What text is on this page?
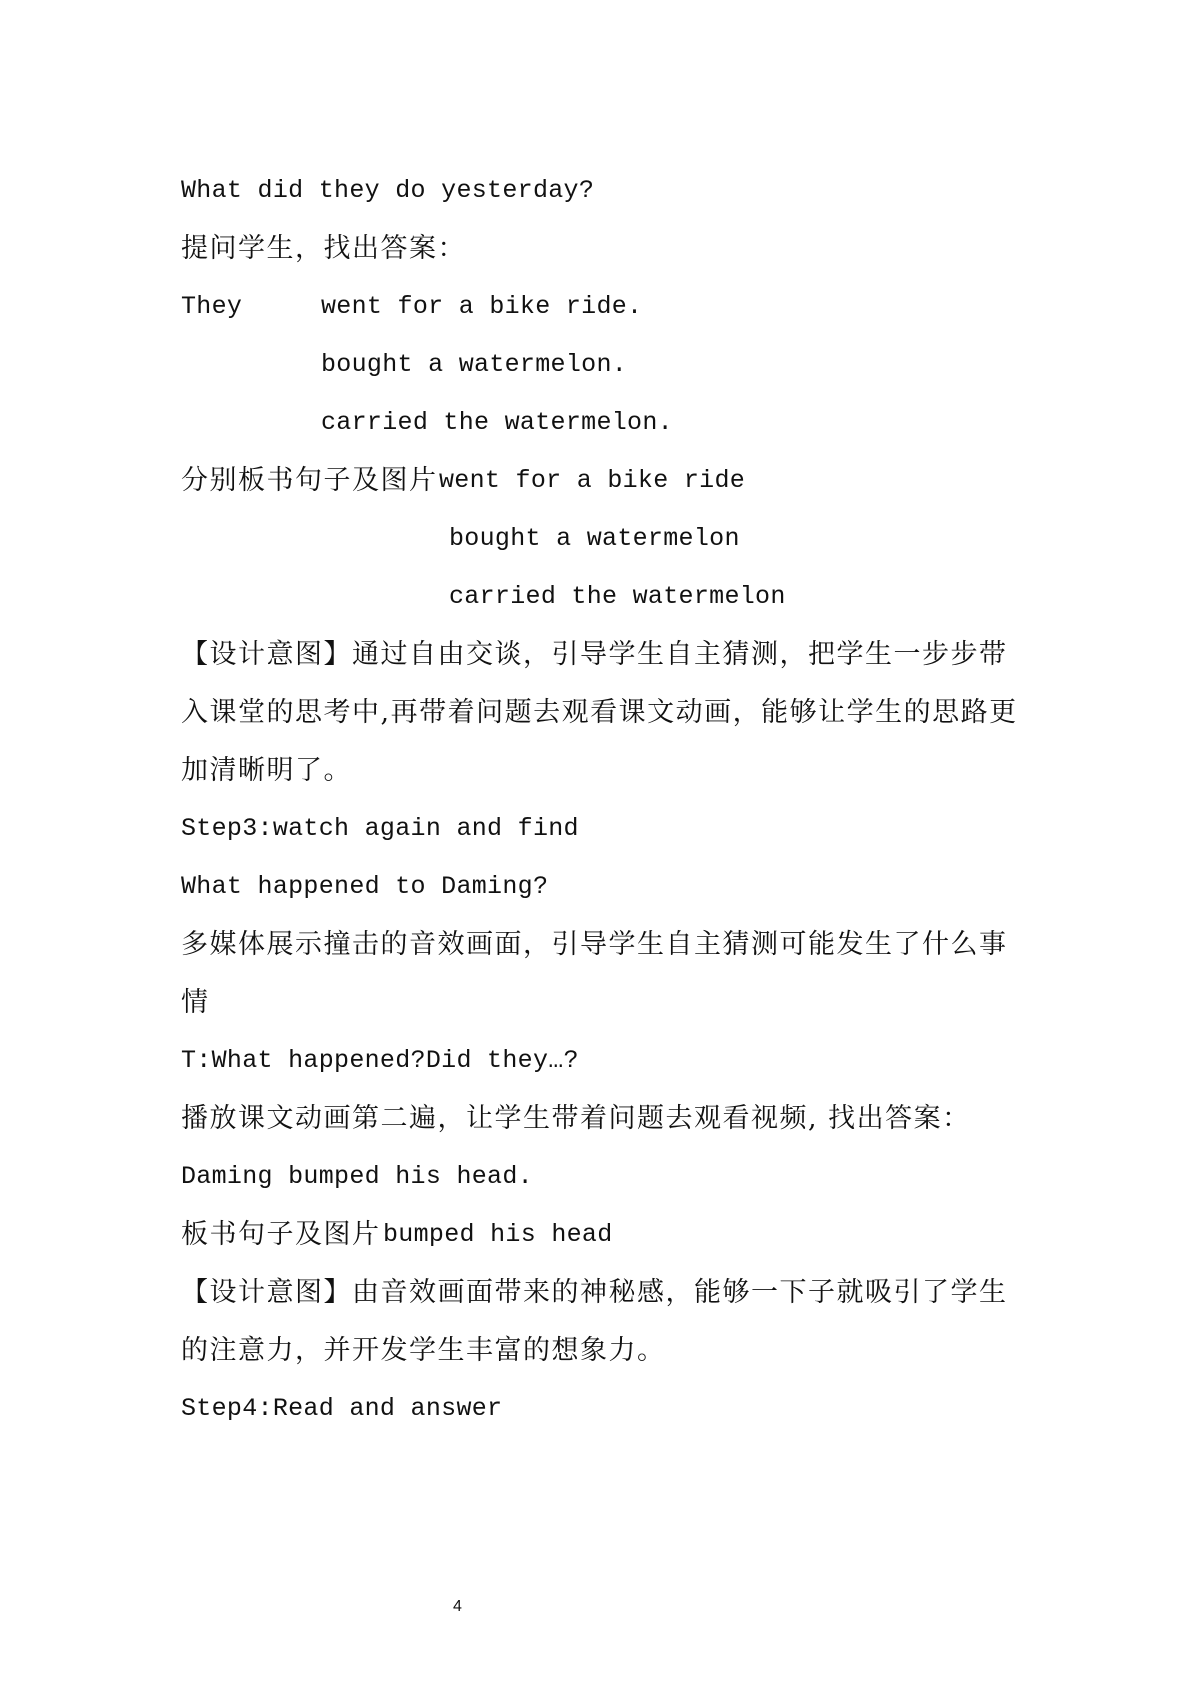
What did they do yesterday?
提问学生，找出答案：
They	went for a bike ride.
bought a watermelon.
carried the watermelon.
分别板书句子及图片 went for a bike ride
bought a watermelon
carried the watermelon
【设计意图】通过自由交谈，引导学生自主猜测，把学生一步步带
入课堂的思考中,再带着问题去观看课文动画，能够让学生的思路更
加清晰明了。
Step3:watch again and find
What happened to Daming?
多媒体展示撞击的音效画面，引导学生自主猜测可能发生了什么事
情
T:What happened?Did they…?
播放课文动画第二遍，让学生带着问题去观看视频, 找出答案：
Daming bumped his head.
板书句子及图片 bumped his head
【设计意图】由音效画面带来的神秘感，能够一下子就吸引了学生
的注意力，并开发学生丰富的想象力。
Step4:Read and answer
4
